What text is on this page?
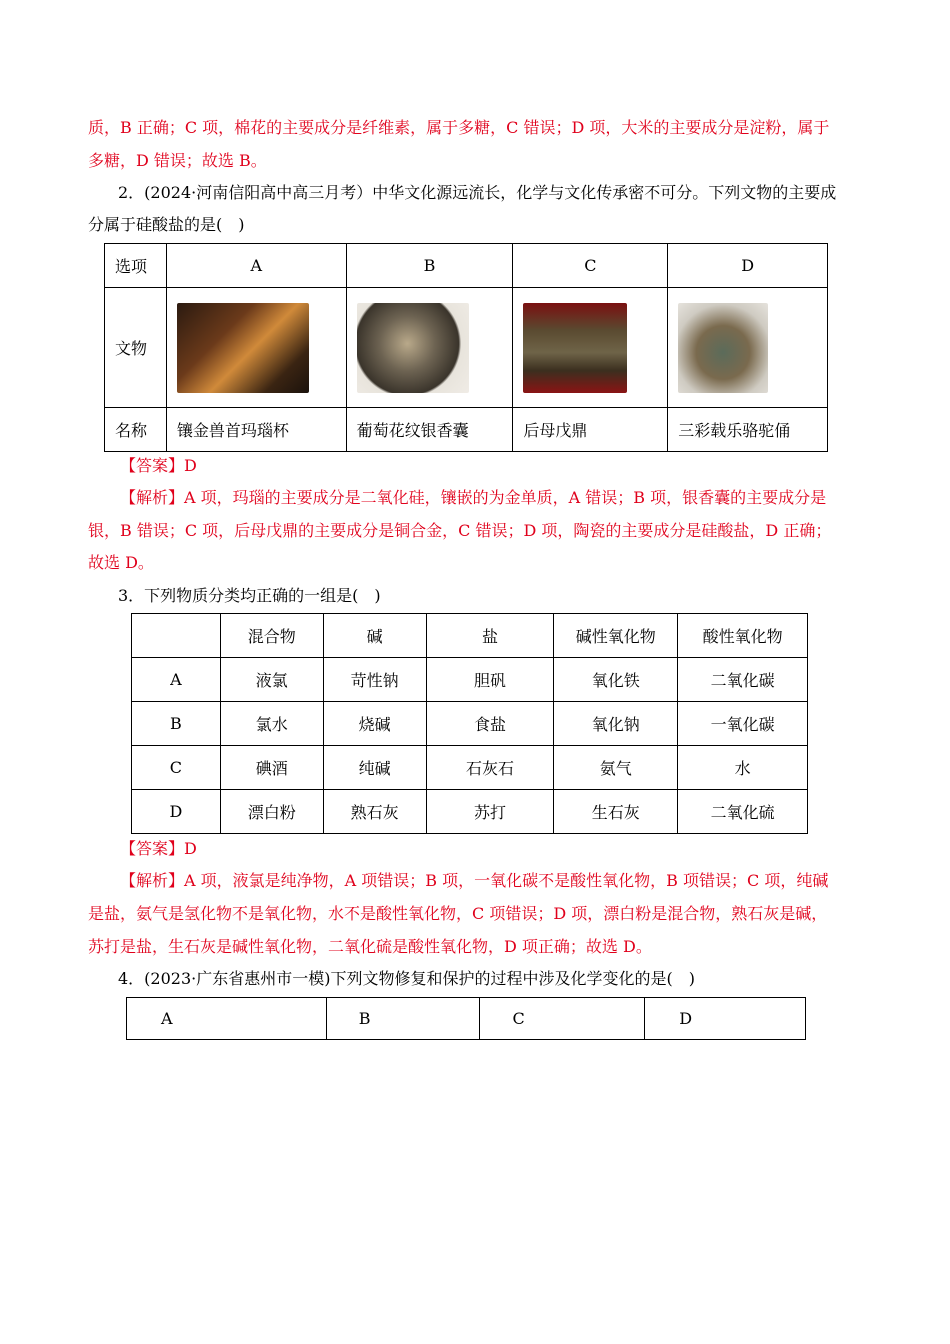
质，B 正确；C 项，棉花的主要成分是纤维素，属于多糖，C 错误；D 项，大米的主要成分是淀粉，属于
多糖，D 错误；故选 B。
2．(2024·河南信阳高中高三月考）中华文化源远流长，化学与文化传承密不可分。下列文物的主要成
分属于硅酸盐的是(　)
选项	A	B	C	D
文物				
名称	镶金兽首玛瑙杯	葡萄花纹银香囊	后母戊鼎	三彩载乐骆驼俑
【答案】D
【解析】A 项，玛瑙的主要成分是二氧化硅，镶嵌的为金单质，A 错误；B 项，银香囊的主要成分是
银，B 错误；C 项，后母戊鼎的主要成分是铜合金，C 错误；D 项，陶瓷的主要成分是硅酸盐，D 正确；
故选 D。
3．下列物质分类均正确的一组是(　)
	混合物	碱	盐	碱性氧化物	酸性氧化物
A	液氯	苛性钠	胆矾	氧化铁	二氧化碳
B	氯水	烧碱	食盐	氧化钠	一氧化碳
C	碘酒	纯碱	石灰石	氨气	水
D	漂白粉	熟石灰	苏打	生石灰	二氧化硫
【答案】D
【解析】A 项，液氯是纯净物，A 项错误；B 项，一氧化碳不是酸性氧化物，B 项错误；C 项，纯碱
是盐，氨气是氢化物不是氧化物，水不是酸性氧化物，C 项错误；D 项，漂白粉是混合物，熟石灰是碱，
苏打是盐，生石灰是碱性氧化物，二氧化硫是酸性氧化物，D 项正确；故选 D。
4．(2023·广东省惠州市一模)下列文物修复和保护的过程中涉及化学变化的是(　)
A	B	C	D
